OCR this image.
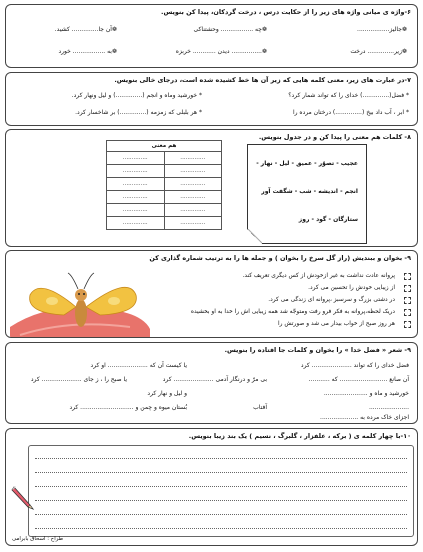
۶-واژه ی میانی واژه های زیر را از حکایت درس ، درخت گردکان، پیدا کن بنویس.
❁جالیز.................
❁چه ................. وحشتناکی
❁آن جا.............. کشید.
❁زیر.............. درخت
❁................ دیدن ............ خربزه
❁به ................. خورد
۷-در عبارت های زیر، معنی کلمه هایی که زیر آن ها خط کشیده شده است، درجای خالی بنویس.
* فضل(..............) خدای را که تواند شمار کرد؟
* خورشید وماه و انجم (..............) و لیل ونهار کرد.
* ابر ، آب داد بیخ (..............) درختان مرده را
* هر بلبلی که زمزمه (..............) بر شاخسار کرد.
۸- کلمات هم معنی را پیدا کن و در جدول بنویس.
هم معنی	
..............	..............
..............	..............
..............	..............
..............	..............
..............	..............
..............	..............
عجیب - تصوّر - عمیق - لیل - نهار -
انجم - اندیشه - شب - شگفت آور
ستارگان - گود - روز
۹- بخوان و ببندیش (راز گل سرخ را بخوان ) و جمله ها را به ترتیب شماره گذاری کن
پروانه عادت نداشت به غیر ازخودش از کس دیگری تعریف کند.
از زیبایی خودش را تحسین می کرد.
در دشتی بزرگ و سرسبز ،پروانه ای زندگی می کرد.
دریک لحظه،پروانه به فکر فرو رفت ومتوجّه شد همه زیبایی اش را خدا به او بخشیده
هر روز صبح از خواب بیدار می شد و صورتش را
۹- شعر « فضل خدا » را بخوان و کلمات جا افتاده را بنویس.
فضل خدای را که تواند ..................... کرد
یا کیست آن که ..................... او کرد
آن صانع ......................... که ...........
بی مرّ و درنگار آدمی ..................... کرد
یا صبح را ، ز جای ..................... کرد
خورشید و ماه و .......................
و لیل و نهار کرد
.....................
آفتاب
بُستان میوه و چمن و ............................ کرد
اجزای خاک مرده به ....................
۱۰-با چهار کلمه ی ( برکه ، علفزار ، گلبرگ ، نسیم ) یک بند زیبا بنویس.
طراح : اسحاق بابرامی
